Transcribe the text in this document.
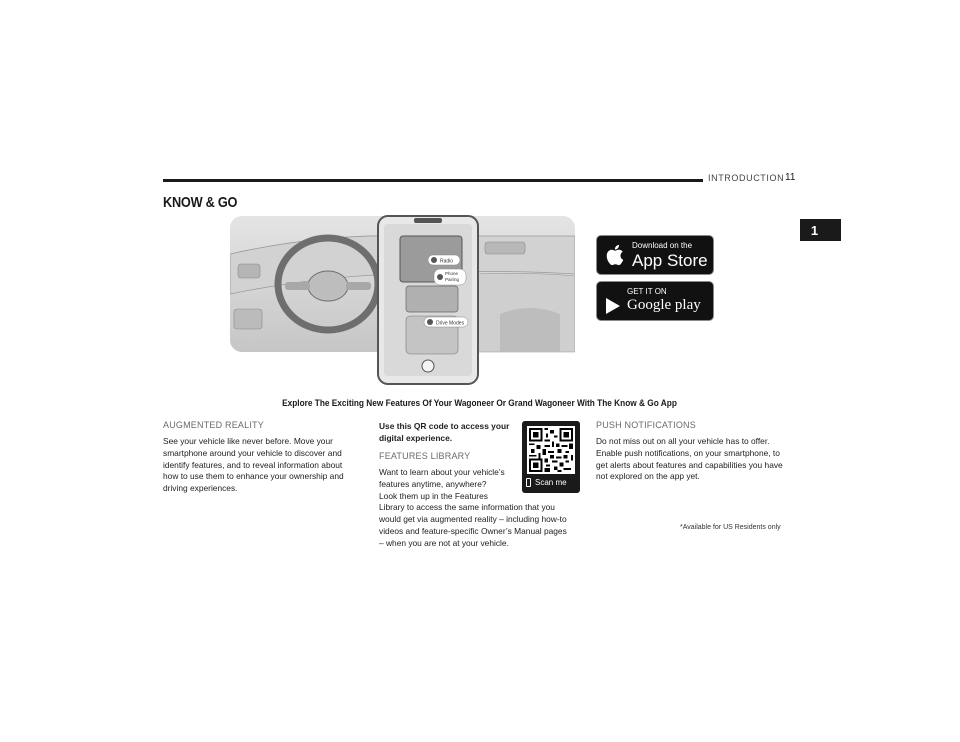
INTRODUCTION 11
1
KNOW & GO
Radio
Phone
Pairing
Drive Modes
Download on the
App Store
GET IT ON
Google play
Explore The Exciting New Features Of Your Wagoneer Or Grand Wagoneer With The Know & Go App
AUGMENTED REALITY
See your vehicle like never before. Move your
smartphone around your vehicle to discover and
identify features, and to reveal information about
how to use them to enhance your ownership and
driving experiences.
Use this QR code to access your
digital experience.
FEATURES LIBRARY
Want to learn about your vehicle’s
features anytime, anywhere?
Look them up in the Features
Library to access the same information that you
would get via augmented reality – including how-to
videos and feature-specific Owner’s Manual pages
– when you are not at your vehicle.
Scan me
PUSH NOTIFICATIONS
Do not miss out on all your vehicle has to offer.
Enable push notifications, on your smartphone, to
get alerts about features and capabilities you have
not explored on the app yet.
*Available for US Residents only
